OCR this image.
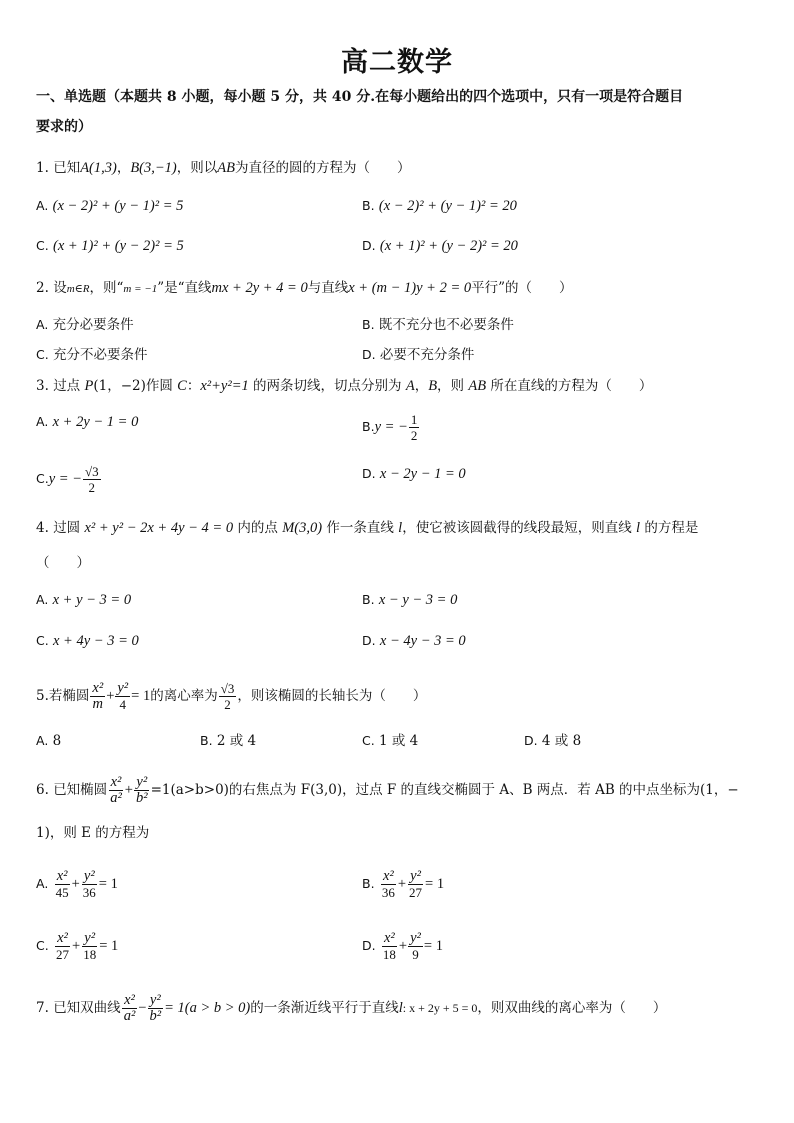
高二数学
一、单选题（本题共 8 小题，每小题 5 分，共 40 分.在每小题给出的四个选项中，只有一项是符合题目
要求的）
1. 已知A(1,3)，B(3,−1)，则以AB为直径的圆的方程为（　　）
A. (x − 2)² + (y − 1)² = 5	B. (x − 2)² + (y − 1)² = 20
C. (x + 1)² + (y − 2)² = 5	D. (x + 1)² + (y − 2)² = 20
2. 设m∈R，则“m = −1”是“直线mx + 2y + 4 = 0与直线x + (m − 1)y + 2 = 0平行”的（　　）
A. 充分必要条件	B. 既不充分也不必要条件
C. 充分不必要条件	D. 必要不充分条件
3. 过点 P(1，−2)作圆 C：x²+y²=1 的两条切线，切点分别为 A，B，则 AB 所在直线的方程为（　　）
A. x + 2y − 1 = 0	B.y = − $\frac{1}{2}$
C.y = − $\frac{√3}{2}$	D. x − 2y − 1 = 0
4. 过圆 x² + y² − 2x + 4y − 4 = 0 内的点 M(3,0) 作一条直线 l，使它被该圆截得的线段最短，则直线 l 的方程是
（　　）
A. x + y − 3 = 0	B. x − y − 3 = 0
C. x + 4y − 3 = 0	D. x − 4y − 3 = 0
5.若椭圆 $\frac{\text{x²}}{m} + \frac{\text{y²}}{4} = 1$的离心率为 $\frac{√3}{2}$ ，则该椭圆的长轴长为（　　）
A. 8	B. 2 或 4	C. 1 或 4	D. 4 或 8
6. 已知椭圆 $\frac{\text{x²}}{\text{a²}} + \frac{\text{y²}}{\text{b²}} =1(a>b>0)$的右焦点为 F(3,0)，过点 F 的直线交椭圆于 A、B 两点．若 AB 的中点坐标为(1，−
1)，则 E 的方程为
A. $\frac{\text{x²}}{45} + \frac{\text{y²}}{36} = 1$	B. $\frac{\text{x²}}{36} + \frac{\text{y²}}{27} = 1$
C. $\frac{\text{x²}}{27} + \frac{\text{y²}}{18} = 1$	D. $\frac{\text{x²}}{18} + \frac{\text{y²}}{9} = 1$
7. 已知双曲线 $\frac{\text{x²}}{\text{a²}} - \frac{\text{y²}}{\text{b²}} = 1(a > b > 0)$的一条渐近线平行于直线l: x + 2y + 5 = 0，则双曲线的离心率为（　　）
